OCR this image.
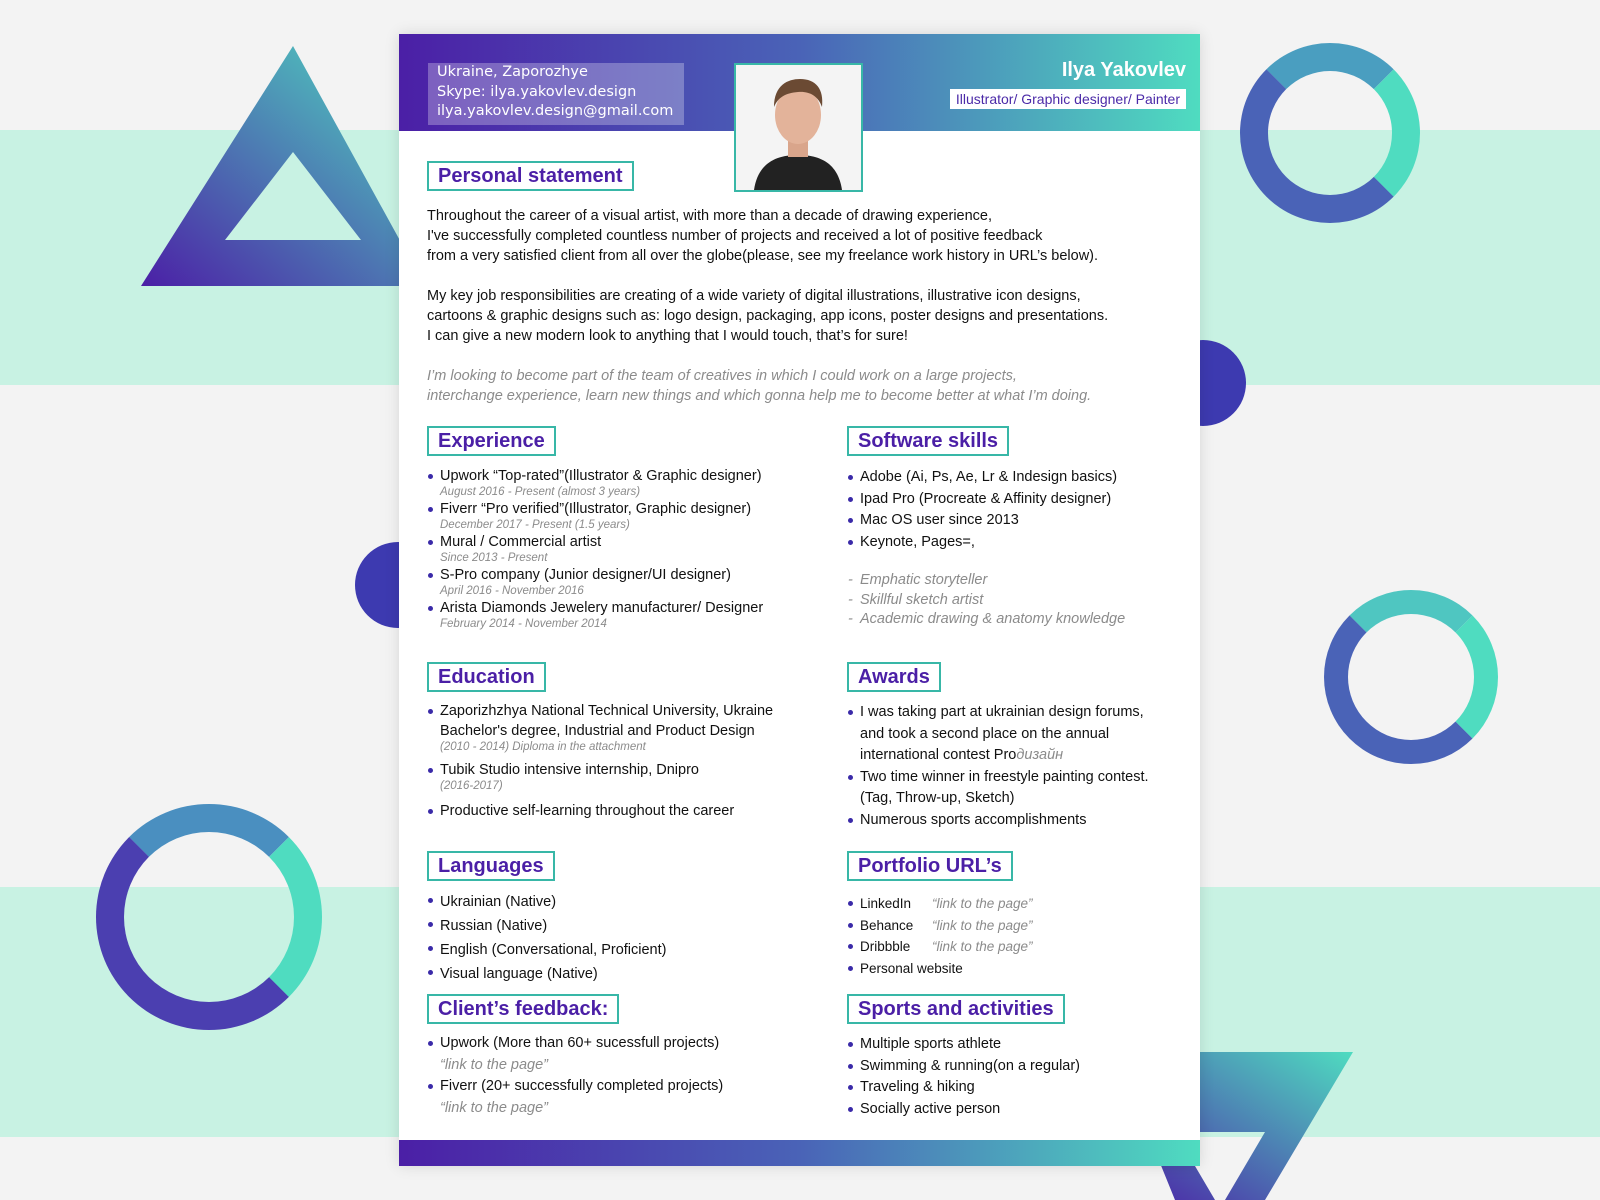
Ukraine, Zaporozhye
Skype: ilya.yakovlev.design
ilya.yakovlev.design@gmail.com
Ilya Yakovlev
Illustrator/ Graphic designer/ Painter
Personal statement
Throughout the career of a visual artist, with more than a decade of drawing experience,
I've successfully completed countless number of projects and received a lot of positive feedback
from a very satisfied client from all over the globe(please, see my freelance work history in URL’s below).
My key job responsibilities are creating of a wide variety of digital illustrations, illustrative icon designs,
cartoons & graphic designs such as: logo design, packaging, app icons, poster designs and presentations.
I can give a new modern look to anything that I would touch, that’s for sure!
I’m looking to become part of the team of creatives in which I could work on a large projects,
interchange experience, learn new things and which gonna help me to become better at what I’m doing.
Experience
Upwork “Top-rated”(Illustrator & Graphic designer)
August 2016 - Present (almost 3 years)
Fiverr “Pro verified”(Illustrator, Graphic designer)
December 2017 - Present (1.5 years)
Mural / Commercial artist
Since 2013 - Present
S-Pro company (Junior designer/UI designer)
April 2016 - November 2016
Arista Diamonds Jewelery manufacturer/ Designer
February 2014 - November 2014
Software skills
Adobe (Ai, Ps, Ae, Lr & Indesign basics)
Ipad Pro (Procreate & Affinity designer)
Mac OS user since 2013
Keynote, Pages=,
- Emphatic storyteller
- Skillful sketch artist
- Academic drawing & anatomy knowledge
Education
Zaporizhzhya National Technical University, Ukraine
Bachelor's degree, Industrial and Product Design
(2010 - 2014) Diploma in the attachment
Tubik Studio intensive internship, Dnipro
(2016-2017)
Productive self-learning throughout the career
Awards
I was taking part at ukrainian design forums,
and took a second place on the annual
international contest Proдизайн
Two time winner in freestyle painting contest.
(Tag, Throw-up, Sketch)
Numerous sports accomplishments
Languages
Ukrainian (Native)
Russian (Native)
English (Conversational, Proficient)
Visual language (Native)
Portfolio URL’s
LinkedIn “link to the page”
Behance “link to the page”
Dribbble “link to the page”
Personal website
Client’s feedback:
Upwork (More than 60+ sucessfull projects)
“link to the page”
Fiverr (20+ successfully completed projects)
“link to the page”
Sports and activities
Multiple sports athlete
Swimming & running(on a regular)
Traveling & hiking
Socially active person
